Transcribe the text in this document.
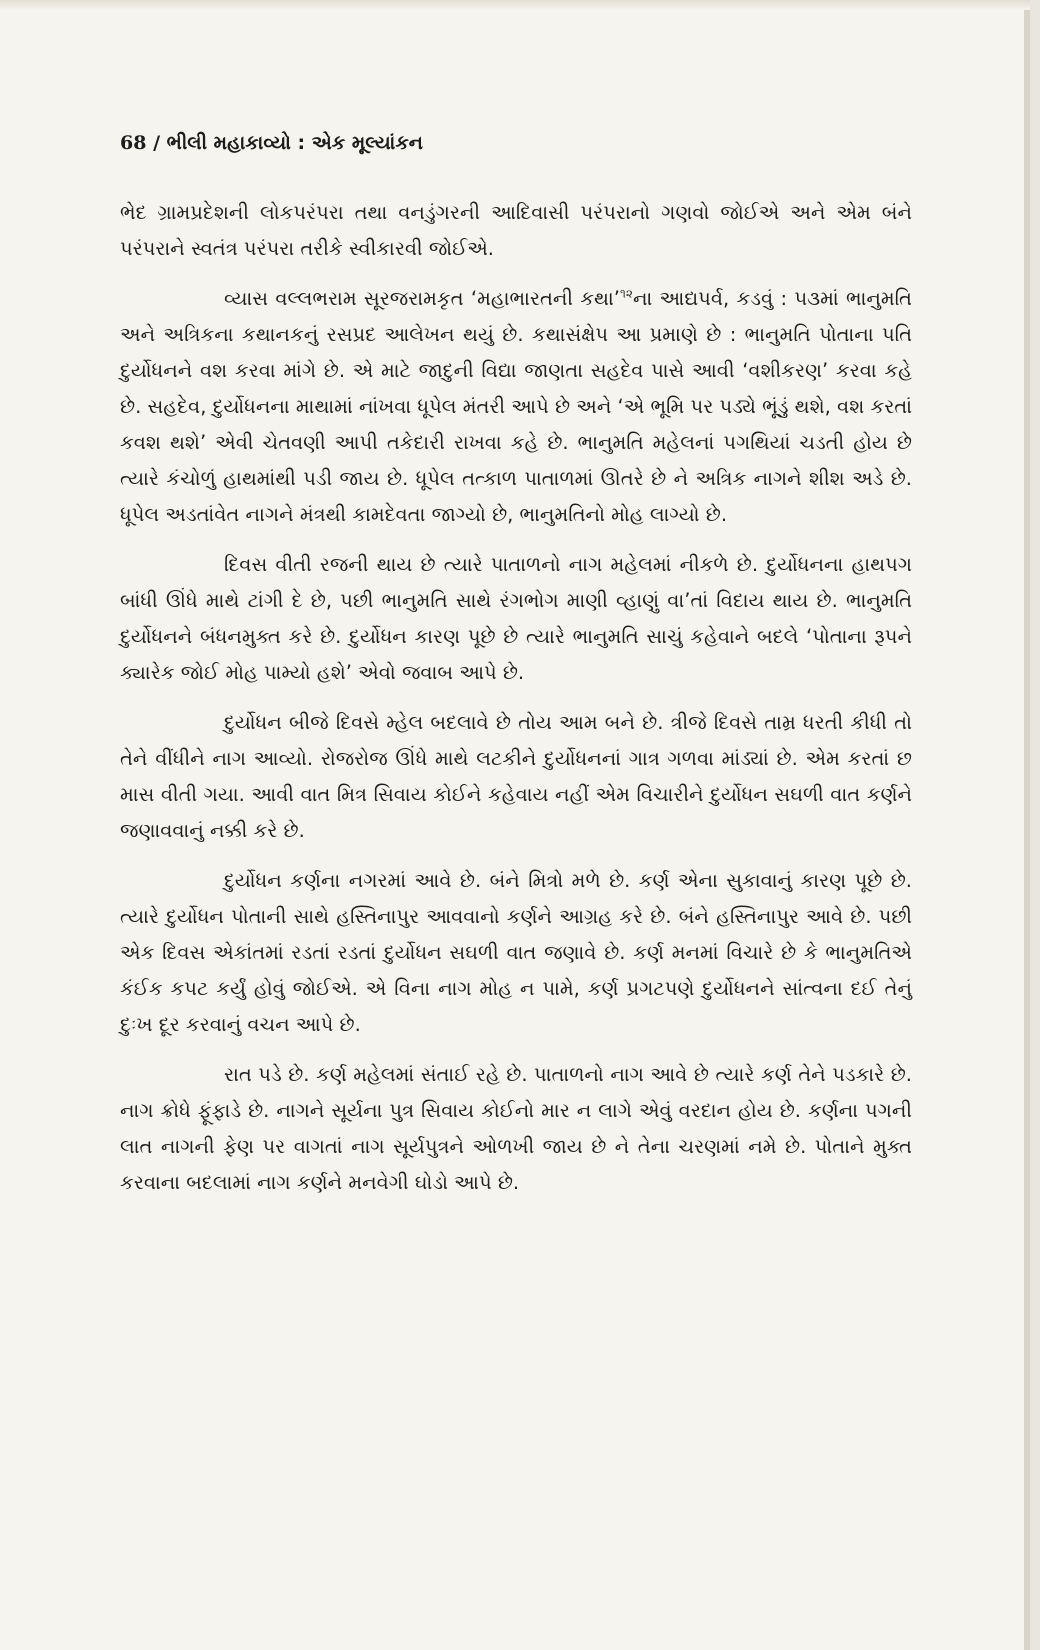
68 / ભીલી મહાકાવ્યો : એક મૂલ્યાંકન

ભેદ ગ્રામપ્રદેશની લોકપરંપરા તથા વનડુંગરની આદિવાસી પરંપરાનો ગણવો જોઈએ અને એમ બંને પરંપરાને સ્વતંત્ર પરંપરા તરીકે સ્વીકારવી જોઈએ.

વ્યાસ વલ્લભરામ સૂરજરામકૃત ‘મહાભારતની કથા’$^{૧૨}$ના આદ્યપર્વ, કડવું : ૫૩માં ભાનુમતિ અને અત્રિકના કથાનકનું રસપ્રદ આલેખન થયું છે. કથાસંક્ષેપ આ પ્રમાણે છે : ભાનુમતિ પોતાના પતિ દુર્યોધનને વશ કરવા માંગે છે. એ માટે જાદુની વિદ્યા જાણતા સહદેવ પાસે આવી ‘વશીકરણ’ કરવા કહે છે. સહદેવ, દુર્યોધનના માથામાં નાંખવા ધૂપેલ મંતરી આપે છે અને ‘એ ભૂમિ પર પડ્યે ભૂંડું થશે, વશ કરતાં કવશ થશે’ એવી ચેતવણી આપી તકેદારી રાખવા કહે છે. ભાનુમતિ મહેલનાં પગથિયાં ચડતી હોય છે ત્યારે કંચોળું હાથમાંથી પડી જાય છે. ધૂપેલ તત્કાળ પાતાળમાં ઊતરે છે ને અત્રિક નાગને શીશ અડે છે. ધૂપેલ અડતાંવેત નાગને મંત્રથી કામદેવતા જાગ્યો છે, ભાનુમતિનો મોહ લાગ્યો છે.

દિવસ વીતી રજની થાય છે ત્યારે પાતાળનો નાગ મહેલમાં નીકળે છે. દુર્યોધનના હાથપગ બાંધી ઊંધે માથે ટાંગી દે છે, પછી ભાનુમતિ સાથે રંગભોગ માણી વ્હાણું વા’તાં વિદાય થાય છે. ભાનુમતિ દુર્યોધનને બંધનમુક્ત કરે છે. દુર્યોધન કારણ પૂછે છે ત્યારે ભાનુમતિ સાચું કહેવાને બદલે ‘પોતાના રૂપને ક્યારેક જોઈ મોહ પામ્યો હશે’ એવો જવાબ આપે છે.

દુર્યોધન બીજે દિવસે મ્હેલ બદલાવે છે તોય આમ બને છે. ત્રીજે દિવસે તામ્ર ધરતી કીધી તો તેને વીંધીને નાગ આવ્યો. રોજરોજ ઊંધે માથે લટકીને દુર્યોધનનાં ગાત્ર ગળવા માંડ્યાં છે. એમ કરતાં છ માસ વીતી ગયા. આવી વાત મિત્ર સિવાય કોઈને કહેવાય નહીં એમ વિચારીને દુર્યોધન સઘળી વાત કર્ણને જણાવવાનું નક્કી કરે છે.

દુર્યોધન કર્ણના નગરમાં આવે છે. બંને મિત્રો મળે છે. કર્ણ એના સુકાવાનું કારણ પૂછે છે. ત્યારે દુર્યોધન પોતાની સાથે હસ્તિનાપુર આવવાનો કર્ણને આગ્રહ કરે છે. બંને હસ્તિનાપુર આવે છે. પછી એક દિવસ એકાંતમાં રડતાં રડતાં દુર્યોધન સઘળી વાત જણાવે છે. કર્ણ મનમાં વિચારે છે કે ભાનુમતિએ કંઈક કપટ કર્યું હોવું જોઈએ. એ વિના નાગ મોહ ન પામે, કર્ણ પ્રગટપણે દુર્યોધનને સાંત્વના દઈ તેનું દુઃખ દૂર કરવાનું વચન આપે છે.

રાત પડે છે. કર્ણ મહેલમાં સંતાઈ રહે છે. પાતાળનો નાગ આવે છે ત્યારે કર્ણ તેને પડકારે છે. નાગ ક્રોધે ફૂંફાડે છે. નાગને સૂર્યના પુત્ર સિવાય કોઈનો માર ન લાગે એવું વરદાન હોય છે. કર્ણના પગની લાત નાગની ફેણ પર વાગતાં નાગ સૂર્યપુત્રને ઓળખી જાય છે ને તેના ચરણમાં નમે છે. પોતાને મુક્ત કરવાના બદલામાં નાગ કર્ણને મનવેગી ઘોડો આપે છે.
